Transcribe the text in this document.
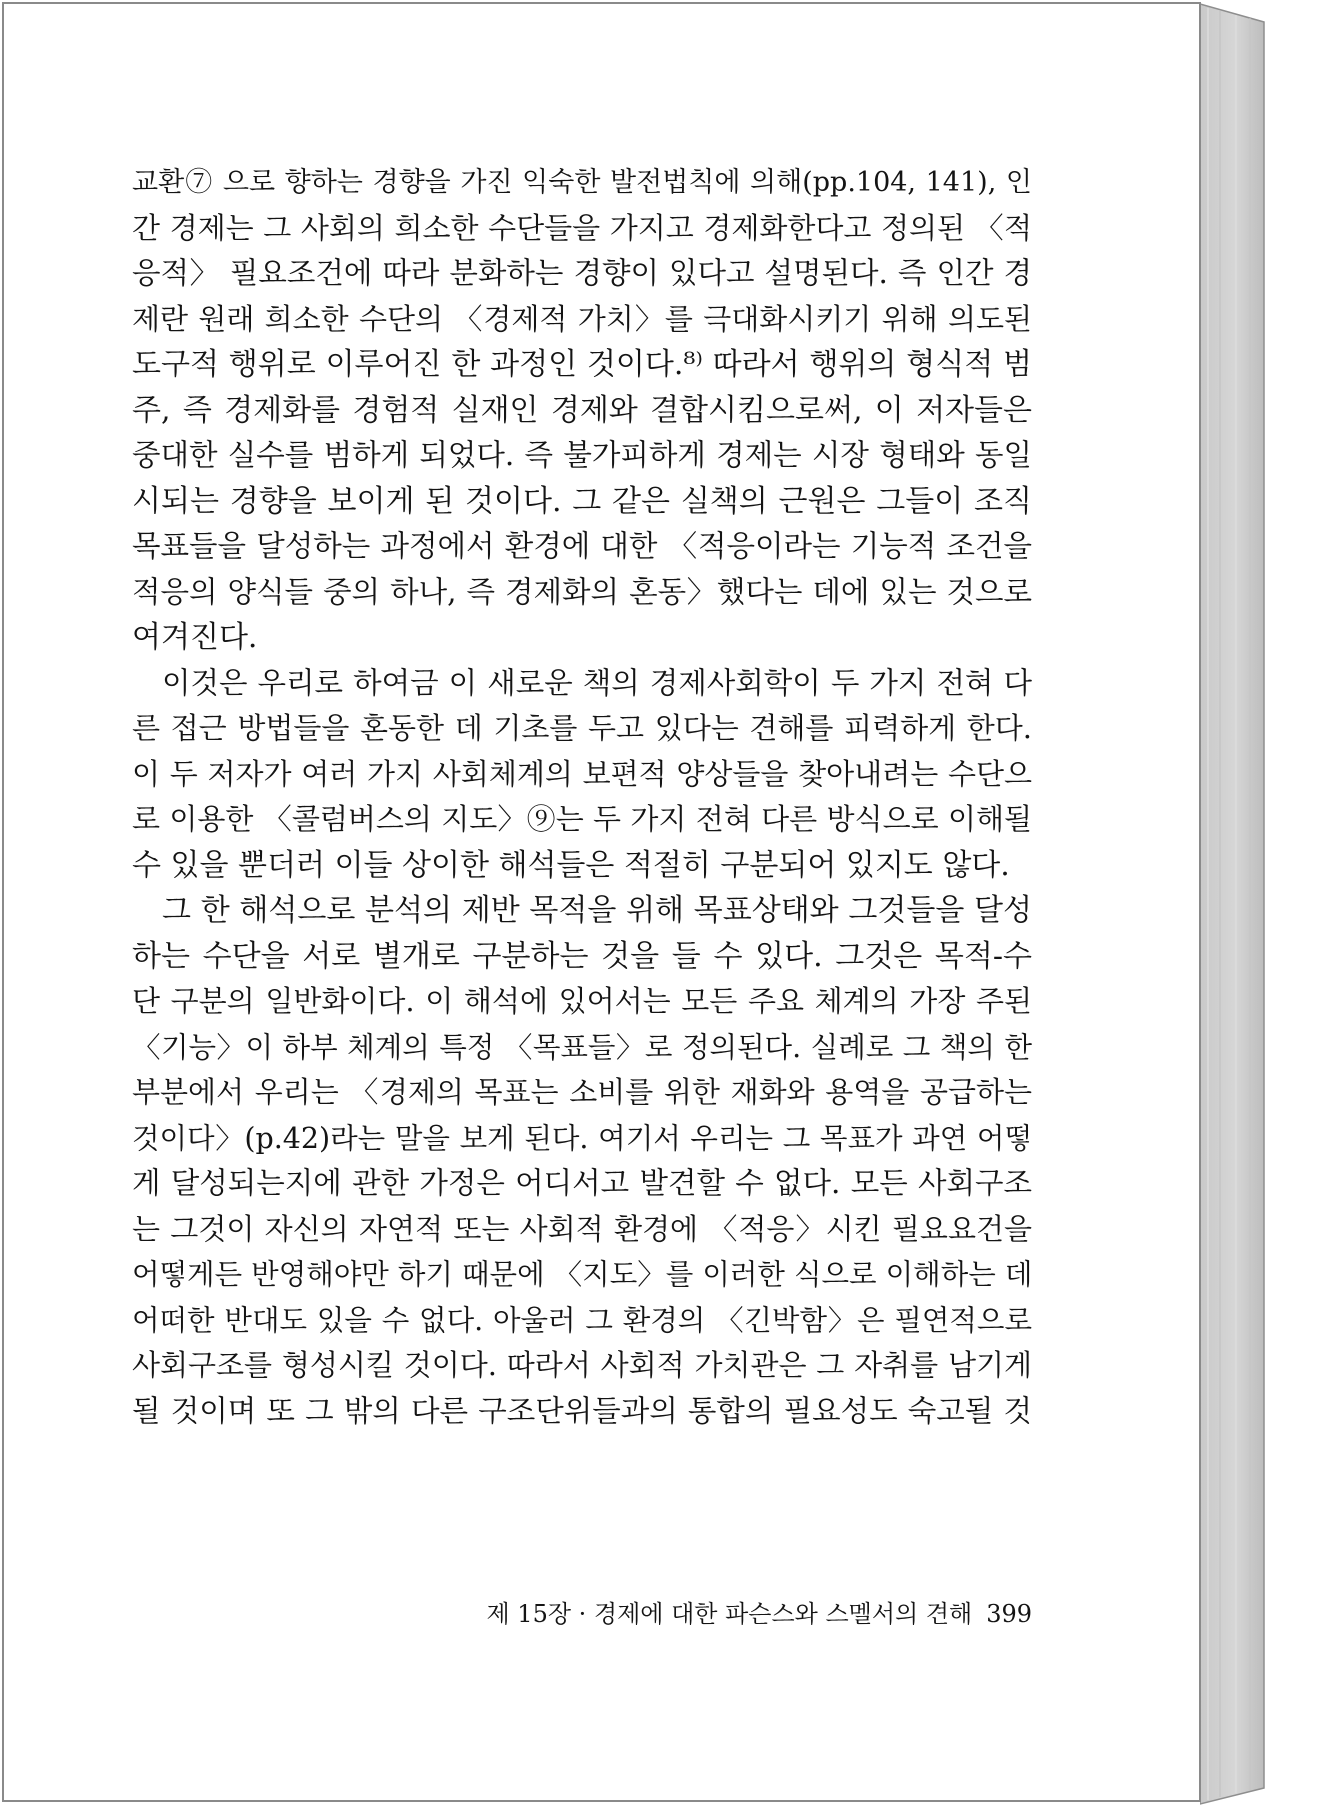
교환⑦ 으로 향하는 경향을 가진 익숙한 발전법칙에 의해(pp.104, 141), 인
간 경제는 그 사회의 희소한 수단들을 가지고 경제화한다고 정의된 〈적
응적〉 필요조건에 따라 분화하는 경향이 있다고 설명된다. 즉 인간 경
제란 원래 희소한 수단의 〈경제적 가치〉를 극대화시키기 위해 의도된
도구적 행위로 이루어진 한 과정인 것이다.⁸⁾ 따라서 행위의 형식적 범
주, 즉 경제화를 경험적 실재인 경제와 결합시킴으로써, 이 저자들은
중대한 실수를 범하게 되었다. 즉 불가피하게 경제는 시장 형태와 동일
시되는 경향을 보이게 된 것이다. 그 같은 실책의 근원은 그들이 조직
목표들을 달성하는 과정에서 환경에 대한 〈적응이라는 기능적 조건을
적응의 양식들 중의 하나, 즉 경제화의 혼동〉했다는 데에 있는 것으로
여겨진다.
이것은 우리로 하여금 이 새로운 책의 경제사회학이 두 가지 전혀 다
른 접근 방법들을 혼동한 데 기초를 두고 있다는 견해를 피력하게 한다.
이 두 저자가 여러 가지 사회체계의 보편적 양상들을 찾아내려는 수단으
로 이용한 〈콜럼버스의 지도〉⑨는 두 가지 전혀 다른 방식으로 이해될
수 있을 뿐더러 이들 상이한 해석들은 적절히 구분되어 있지도 않다.
그 한 해석으로 분석의 제반 목적을 위해 목표상태와 그것들을 달성
하는 수단을 서로 별개로 구분하는 것을 들 수 있다. 그것은 목적-수
단 구분의 일반화이다. 이 해석에 있어서는 모든 주요 체계의 가장 주된
〈기능〉이 하부 체계의 특정 〈목표들〉로 정의된다. 실례로 그 책의 한
부분에서 우리는 〈경제의 목표는 소비를 위한 재화와 용역을 공급하는
것이다〉(p.42)라는 말을 보게 된다. 여기서 우리는 그 목표가 과연 어떻
게 달성되는지에 관한 가정은 어디서고 발견할 수 없다. 모든 사회구조
는 그것이 자신의 자연적 또는 사회적 환경에 〈적응〉시킨 필요요건을
어떻게든 반영해야만 하기 때문에 〈지도〉를 이러한 식으로 이해하는 데
어떠한 반대도 있을 수 없다. 아울러 그 환경의 〈긴박함〉은 필연적으로
사회구조를 형성시킬 것이다. 따라서 사회적 가치관은 그 자취를 남기게
될 것이며 또 그 밖의 다른 구조단위들과의 통합의 필요성도 숙고될 것
제 15장 · 경제에 대한 파슨스와 스멜서의 견해 399
